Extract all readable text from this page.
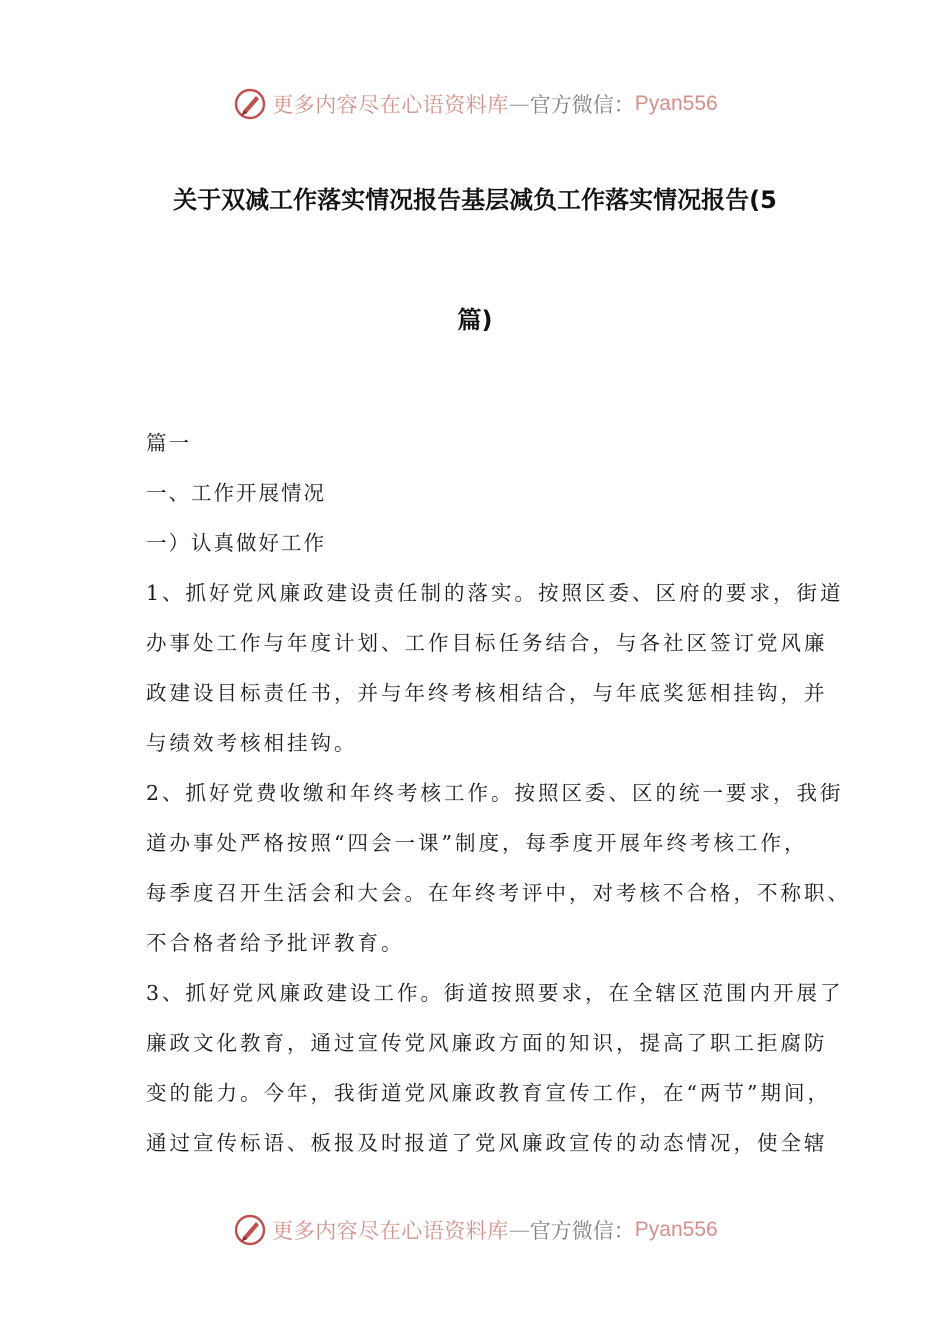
更多内容尽在心语资料库 — 官方微信： Pyan556
关于双减工作落实情况报告基层减负工作落实情况报告(5
篇)
篇一
一、工作开展情况
一）认真做好工作
1、抓好党风廉政建设责任制的落实。按照区委、区府的要求，街道
办事处工作与年度计划、工作目标任务结合，与各社区签订党风廉
政建设目标责任书，并与年终考核相结合，与年底奖惩相挂钩，并
与绩效考核相挂钩。
2、抓好党费收缴和年终考核工作。按照区委、区的统一要求，我街
道办事处严格按照“四会一课”制度，每季度开展年终考核工作，
每季度召开生活会和大会。在年终考评中，对考核不合格，不称职、
不合格者给予批评教育。
3、抓好党风廉政建设工作。街道按照要求，在全辖区范围内开展了
廉政文化教育，通过宣传党风廉政方面的知识，提高了职工拒腐防
变的能力。今年，我街道党风廉政教育宣传工作，在“两节”期间，
通过宣传标语、板报及时报道了党风廉政宣传的动态情况，使全辖
更多内容尽在心语资料库 — 官方微信： Pyan556
